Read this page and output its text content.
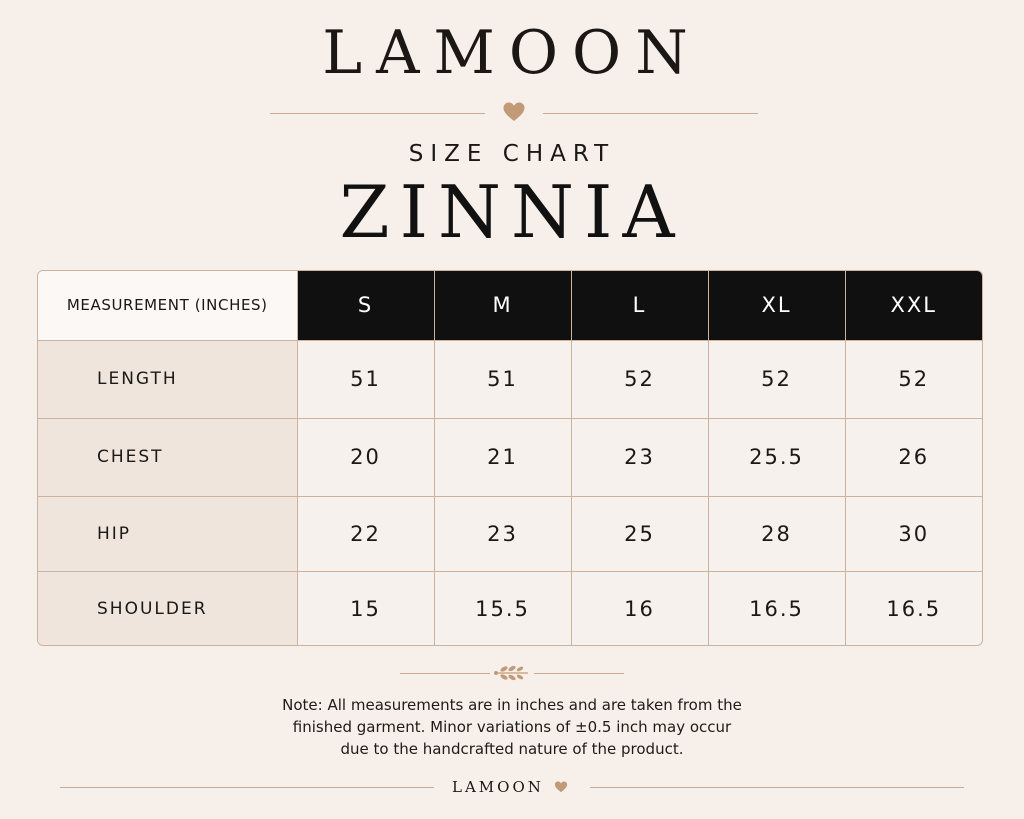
LAMOON
SIZE CHART
ZINNIA
MEASUREMENT (INCHES)	S	M	L	XL	XXL
LENGTH	51	51	52	52	52
CHEST	20	21	23	25.5	26
HIP	22	23	25	28	30
SHOULDER	15	15.5	16	16.5	16.5
Note: All measurements are in inches and are taken from the
finished garment. Minor variations of ±0.5 inch may occur
due to the handcrafted nature of the product.
LAMOON
